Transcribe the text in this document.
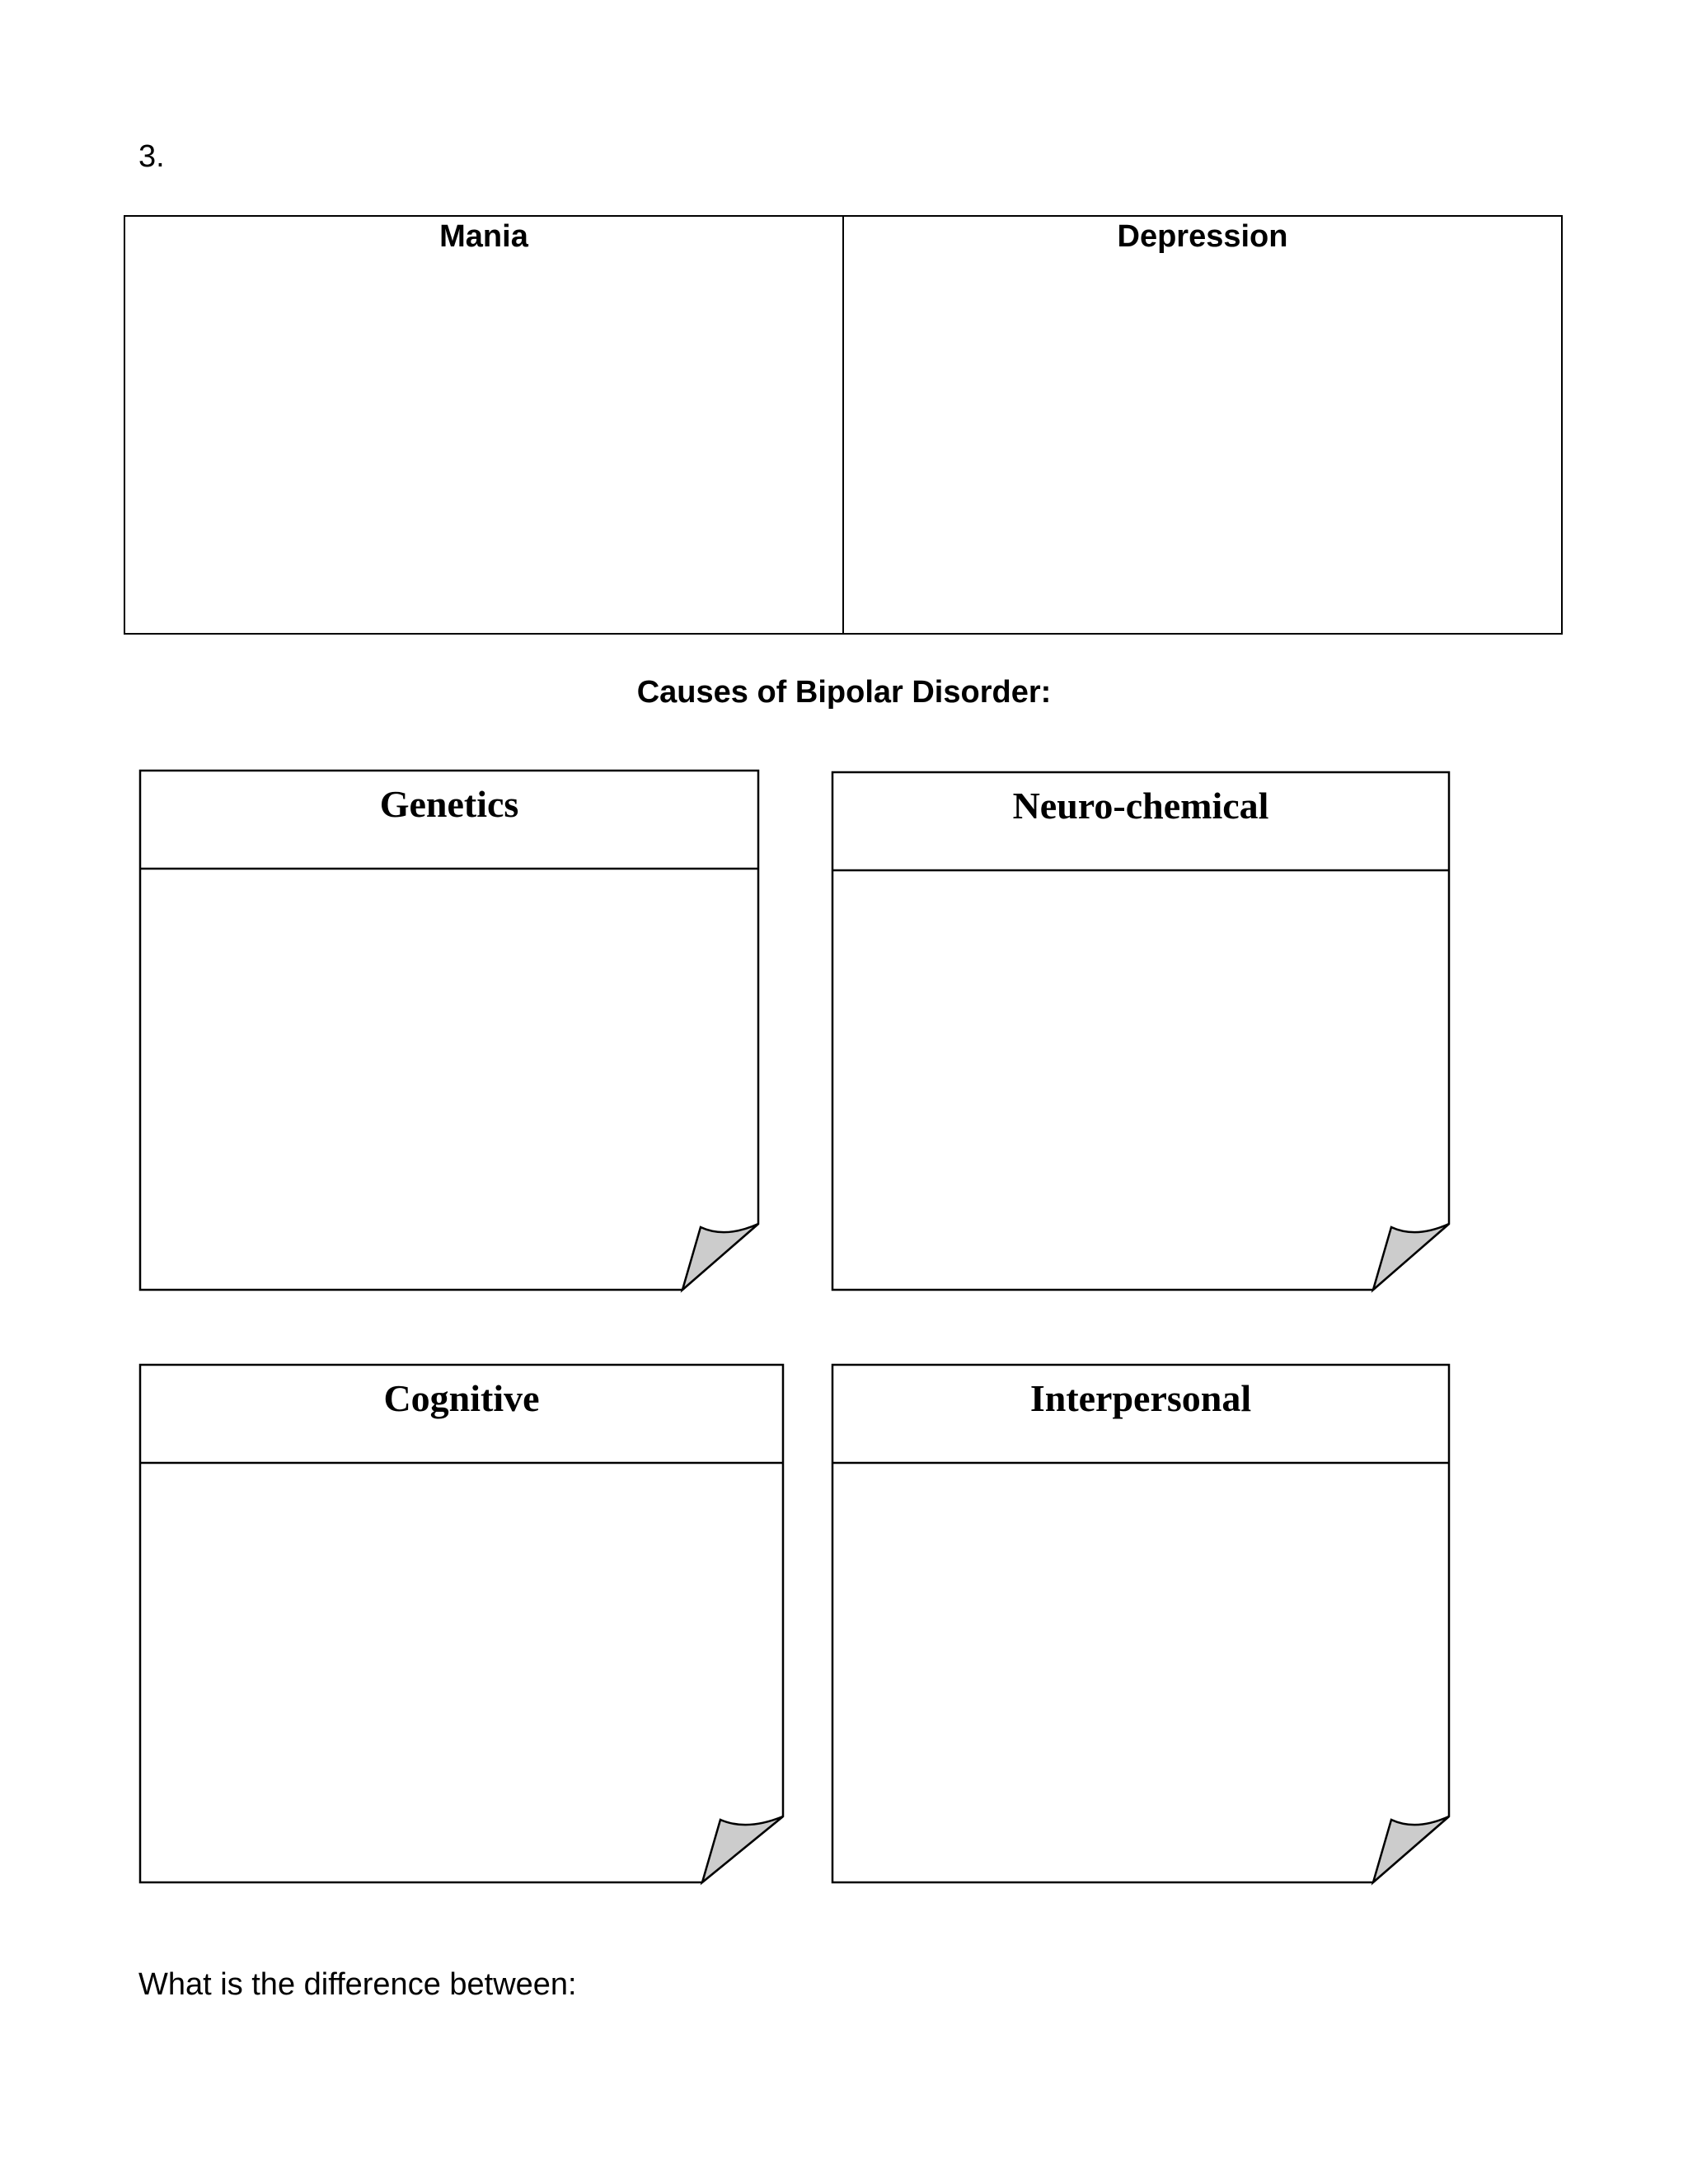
3.
Mania	Depression
Causes of Bipolar Disorder:
Genetics	Neuro-chemical
Cognitive	Interpersonal
What is the difference between:
